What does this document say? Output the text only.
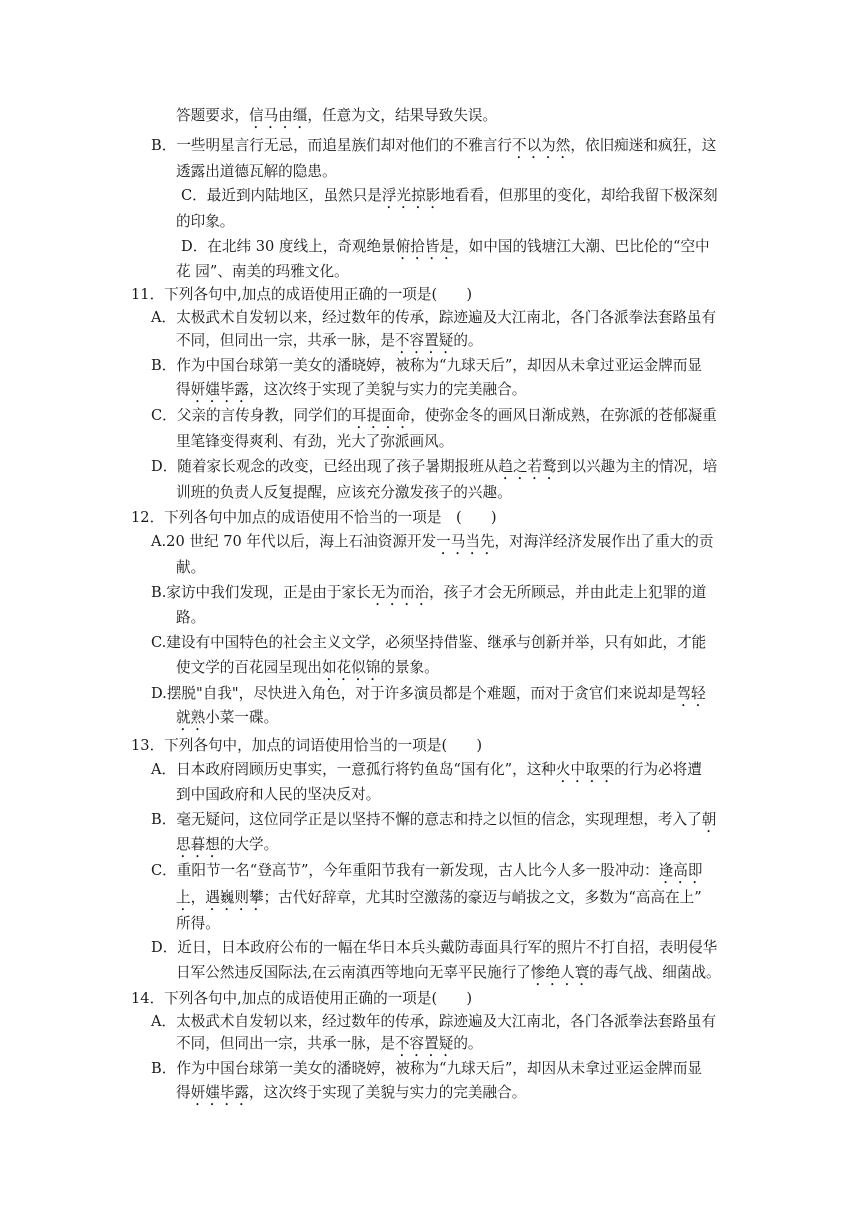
答题要求，信马由缰，任意为文，结果导致失误。
B．一些明星言行无忌，而追星族们却对他们的不雅言行不以为然，依旧痴迷和疯狂，这
透露出道德瓦解的隐患。
C．最近到内陆地区，虽然只是浮光掠影地看看，但那里的变化，却给我留下极深刻
的印象。
D．在北纬 30 度线上，奇观绝景俯拾皆是，如中国的钱塘江大潮、巴比伦的“空中
花 园”、南美的玛雅文化。
11．下列各句中,加点的成语使用正确的一项是(　　)
A．太极武术自发轫以来，经过数年的传承，踪迹遍及大江南北，各门各派拳法套路虽有
不同，但同出一宗，共承一脉，是不容置疑的。
B．作为中国台球第一美女的潘晓婷，被称为“九球天后”，却因从未拿过亚运金牌而显
得妍媸毕露，这次终于实现了美貌与实力的完美融合。
C．父亲的言传身教，同学们的耳提面命，使弥金冬的画风日渐成熟，在弥派的苍郁凝重
里笔锋变得爽利、有劲，光大了弥派画风。
D．随着家长观念的改变，已经出现了孩子暑期报班从趋之若鹜到以兴趣为主的情况，培
训班的负责人反复提醒，应该充分激发孩子的兴趣。
12．下列各句中加点的成语使用不恰当的一项是　(　　)
A.20 世纪 70 年代以后，海上石油资源开发一马当先，对海洋经济发展作出了重大的贡
献。
B.家访中我们发现，正是由于家长无为而治，孩子才会无所顾忌，并由此走上犯罪的道
路。
C.建设有中国特色的社会主义文学，必须坚持借鉴、继承与创新并举，只有如此，才能
使文学的百花园呈现出如花似锦的景象。
D.摆脱"自我"，尽快进入角色，对于许多演员都是个难题，而对于贪官们来说却是驾轻
就熟小菜一碟。
13．下列各句中，加点的词语使用恰当的一项是(　　)
A．日本政府罔顾历史事实，一意孤行将钓鱼岛“国有化”，这种火中取栗的行为必将遭
到中国政府和人民的坚决反对。
B．毫无疑问，这位同学正是以坚持不懈的意志和持之以恒的信念，实现理想，考入了朝
思暮想的大学。
C．重阳节一名“登高节”，今年重阳节我有一新发现，古人比今人多一股冲动：逢高即
上，遇巍则攀；古代好辞章，尤其时空激荡的豪迈与峭拔之文，多数为“高高在上”
所得。
D．近日，日本政府公布的一幅在华日本兵头戴防毒面具行军的照片不打自招，表明侵华
日军公然违反国际法,在云南滇西等地向无辜平民施行了惨绝人寰的毒气战、细菌战。
14．下列各句中,加点的成语使用正确的一项是(　　)
A．太极武术自发轫以来，经过数年的传承，踪迹遍及大江南北，各门各派拳法套路虽有
不同，但同出一宗，共承一脉，是不容置疑的。
B．作为中国台球第一美女的潘晓婷，被称为“九球天后”，却因从未拿过亚运金牌而显
得妍媸毕露，这次终于实现了美貌与实力的完美融合。
